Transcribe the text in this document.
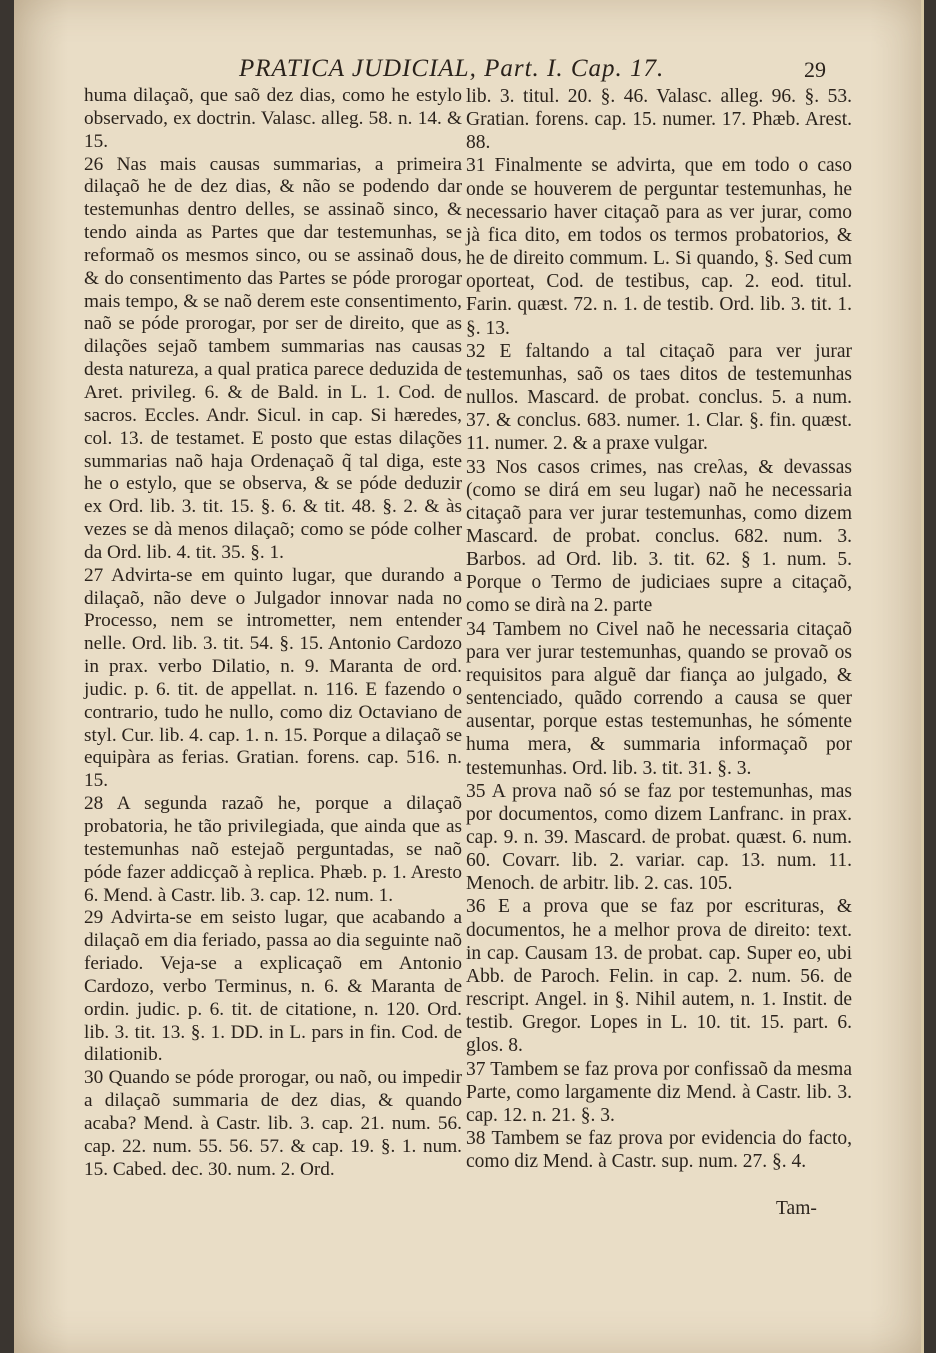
PRATICA JUDICIAL, Part. I. Cap. 17.	29

huma dilaçaõ, que saõ dez dias, como he estylo observado, ex doctrin. Valasc. alleg. 58. n. 14. & 15.

26 Nas mais causas summarias, a primeira dilaçaõ he de dez dias, & não se podendo dar testemunhas dentro delles, se assinaõ sinco, & tendo ainda as Partes que dar testemunhas, se reformaõ os mesmos sinco, ou se assinaõ dous, & do consentimento das Partes se póde prorogar mais tempo, & se naõ derem este consentimento, naõ se póde prorogar, por ser de direito, que as dilações sejaõ tambem summarias nas causas desta natureza, a qual pratica parece deduzida de Aret. privileg. 6. & de Bald. in L. 1. Cod. de sacros. Eccles. Andr. Sicul. in cap. Si hæredes, col. 13. de testamet. E posto que estas dilações summarias naõ haja Ordenaçaõ q̃ tal diga, este he o estylo, que se observa, & se póde deduzir ex Ord. lib. 3. tit. 15. §. 6. & tit. 48. §. 2. & às vezes se dà menos dilaçaõ; como se póde colher da Ord. lib. 4. tit. 35. §. 1.

27 Advirta-se em quinto lugar, que durando a dilaçaõ, não deve o Julgador innovar nada no Processo, nem se intrometter, nem entender nelle. Ord. lib. 3. tit. 54. §. 15. Antonio Cardozo in prax. verbo Dilatio, n. 9. Maranta de ord. judic. p. 6. tit. de appellat. n. 116. E fazendo o contrario, tudo he nullo, como diz Octaviano de styl. Cur. lib. 4. cap. 1. n. 15. Porque a dilaçaõ se equipàra as ferias. Gratian. forens. cap. 516. n. 15.

28 A segunda razaõ he, porque a dilaçaõ probatoria, he tão privilegiada, que ainda que as testemunhas naõ estejaõ perguntadas, se naõ póde fazer addicçaõ à replica. Phæb. p. 1. Aresto 6. Mend. à Castr. lib. 3. cap. 12. num. 1.

29 Advirta-se em seisto lugar, que acabando a dilaçaõ em dia feriado, passa ao dia seguinte naõ feriado. Veja-se a explicaçaõ em Antonio Cardozo, verbo Terminus, n. 6. & Maranta de ordin. judic. p. 6. tit. de citatione, n. 120. Ord. lib. 3. tit. 13. §. 1. DD. in L. pars in fin. Cod. de dilationib.

30 Quando se póde prorogar, ou naõ, ou impedir a dilaçaõ summaria de dez dias, & quando acaba? Mend. à Castr. lib. 3. cap. 21. num. 56. cap. 22. num. 55. 56. 57. & cap. 19. §. 1. num. 15. Cabed. dec. 30. num. 2. Ord.

lib. 3. titul. 20. §. 46. Valasc. alleg. 96. §. 53. Gratian. forens. cap. 15. numer. 17. Phæb. Arest. 88.

31 Finalmente se advirta, que em todo o caso onde se houverem de perguntar testemunhas, he necessario haver citaçaõ para as ver jurar, como jà fica dito, em todos os termos probatorios, & he de direito commum. L. Si quando, §. Sed cum oporteat, Cod. de testibus, cap. 2. eod. titul. Farin. quæst. 72. n. 1. de testib. Ord. lib. 3. tit. 1. §. 13.

32 E faltando a tal citaçaõ para ver jurar testemunhas, saõ os taes ditos de testemunhas nullos. Mascard. de probat. conclus. 5. a num. 37. & conclus. 683. numer. 1. Clar. §. fin. quæst. 11. numer. 2. & a praxe vulgar.

33 Nos casos crimes, nas creλas, & devassas (como se dirá em seu lugar) naõ he necessaria citaçaõ para ver jurar testemunhas, como dizem Mascard. de probat. conclus. 682. num. 3. Barbos. ad Ord. lib. 3. tit. 62. § 1. num. 5. Porque o Termo de judiciaes supre a citaçaõ, como se dirà na 2. parte

34 Tambem no Civel naõ he necessaria citaçaõ para ver jurar testemunhas, quando se provaõ os requisitos para alguẽ dar fiança ao julgado, & sentenciado, quãdo correndo a causa se quer ausentar, porque estas testemunhas, he sómente huma mera, & summaria informaçaõ por testemunhas. Ord. lib. 3. tit. 31. §. 3.

35 A prova naõ só se faz por testemunhas, mas por documentos, como dizem Lanfranc. in prax. cap. 9. n. 39. Mascard. de probat. quæst. 6. num. 60. Covarr. lib. 2. variar. cap. 13. num. 11. Menoch. de arbitr. lib. 2. cas. 105.

36 E a prova que se faz por escrituras, & documentos, he a melhor prova de direito: text. in cap. Causam 13. de probat. cap. Super eo, ubi Abb. de Paroch. Felin. in cap. 2. num. 56. de rescript. Angel. in §. Nihil autem, n. 1. Instit. de testib. Gregor. Lopes in L. 10. tit. 15. part. 6. glos. 8.

37 Tambem se faz prova por confissaõ da mesma Parte, como largamente diz Mend. à Castr. lib. 3. cap. 12. n. 21. §. 3.

38 Tambem se faz prova por evidencia do facto, como diz Mend. à Castr. sup. num. 27. §. 4.

Tam-
